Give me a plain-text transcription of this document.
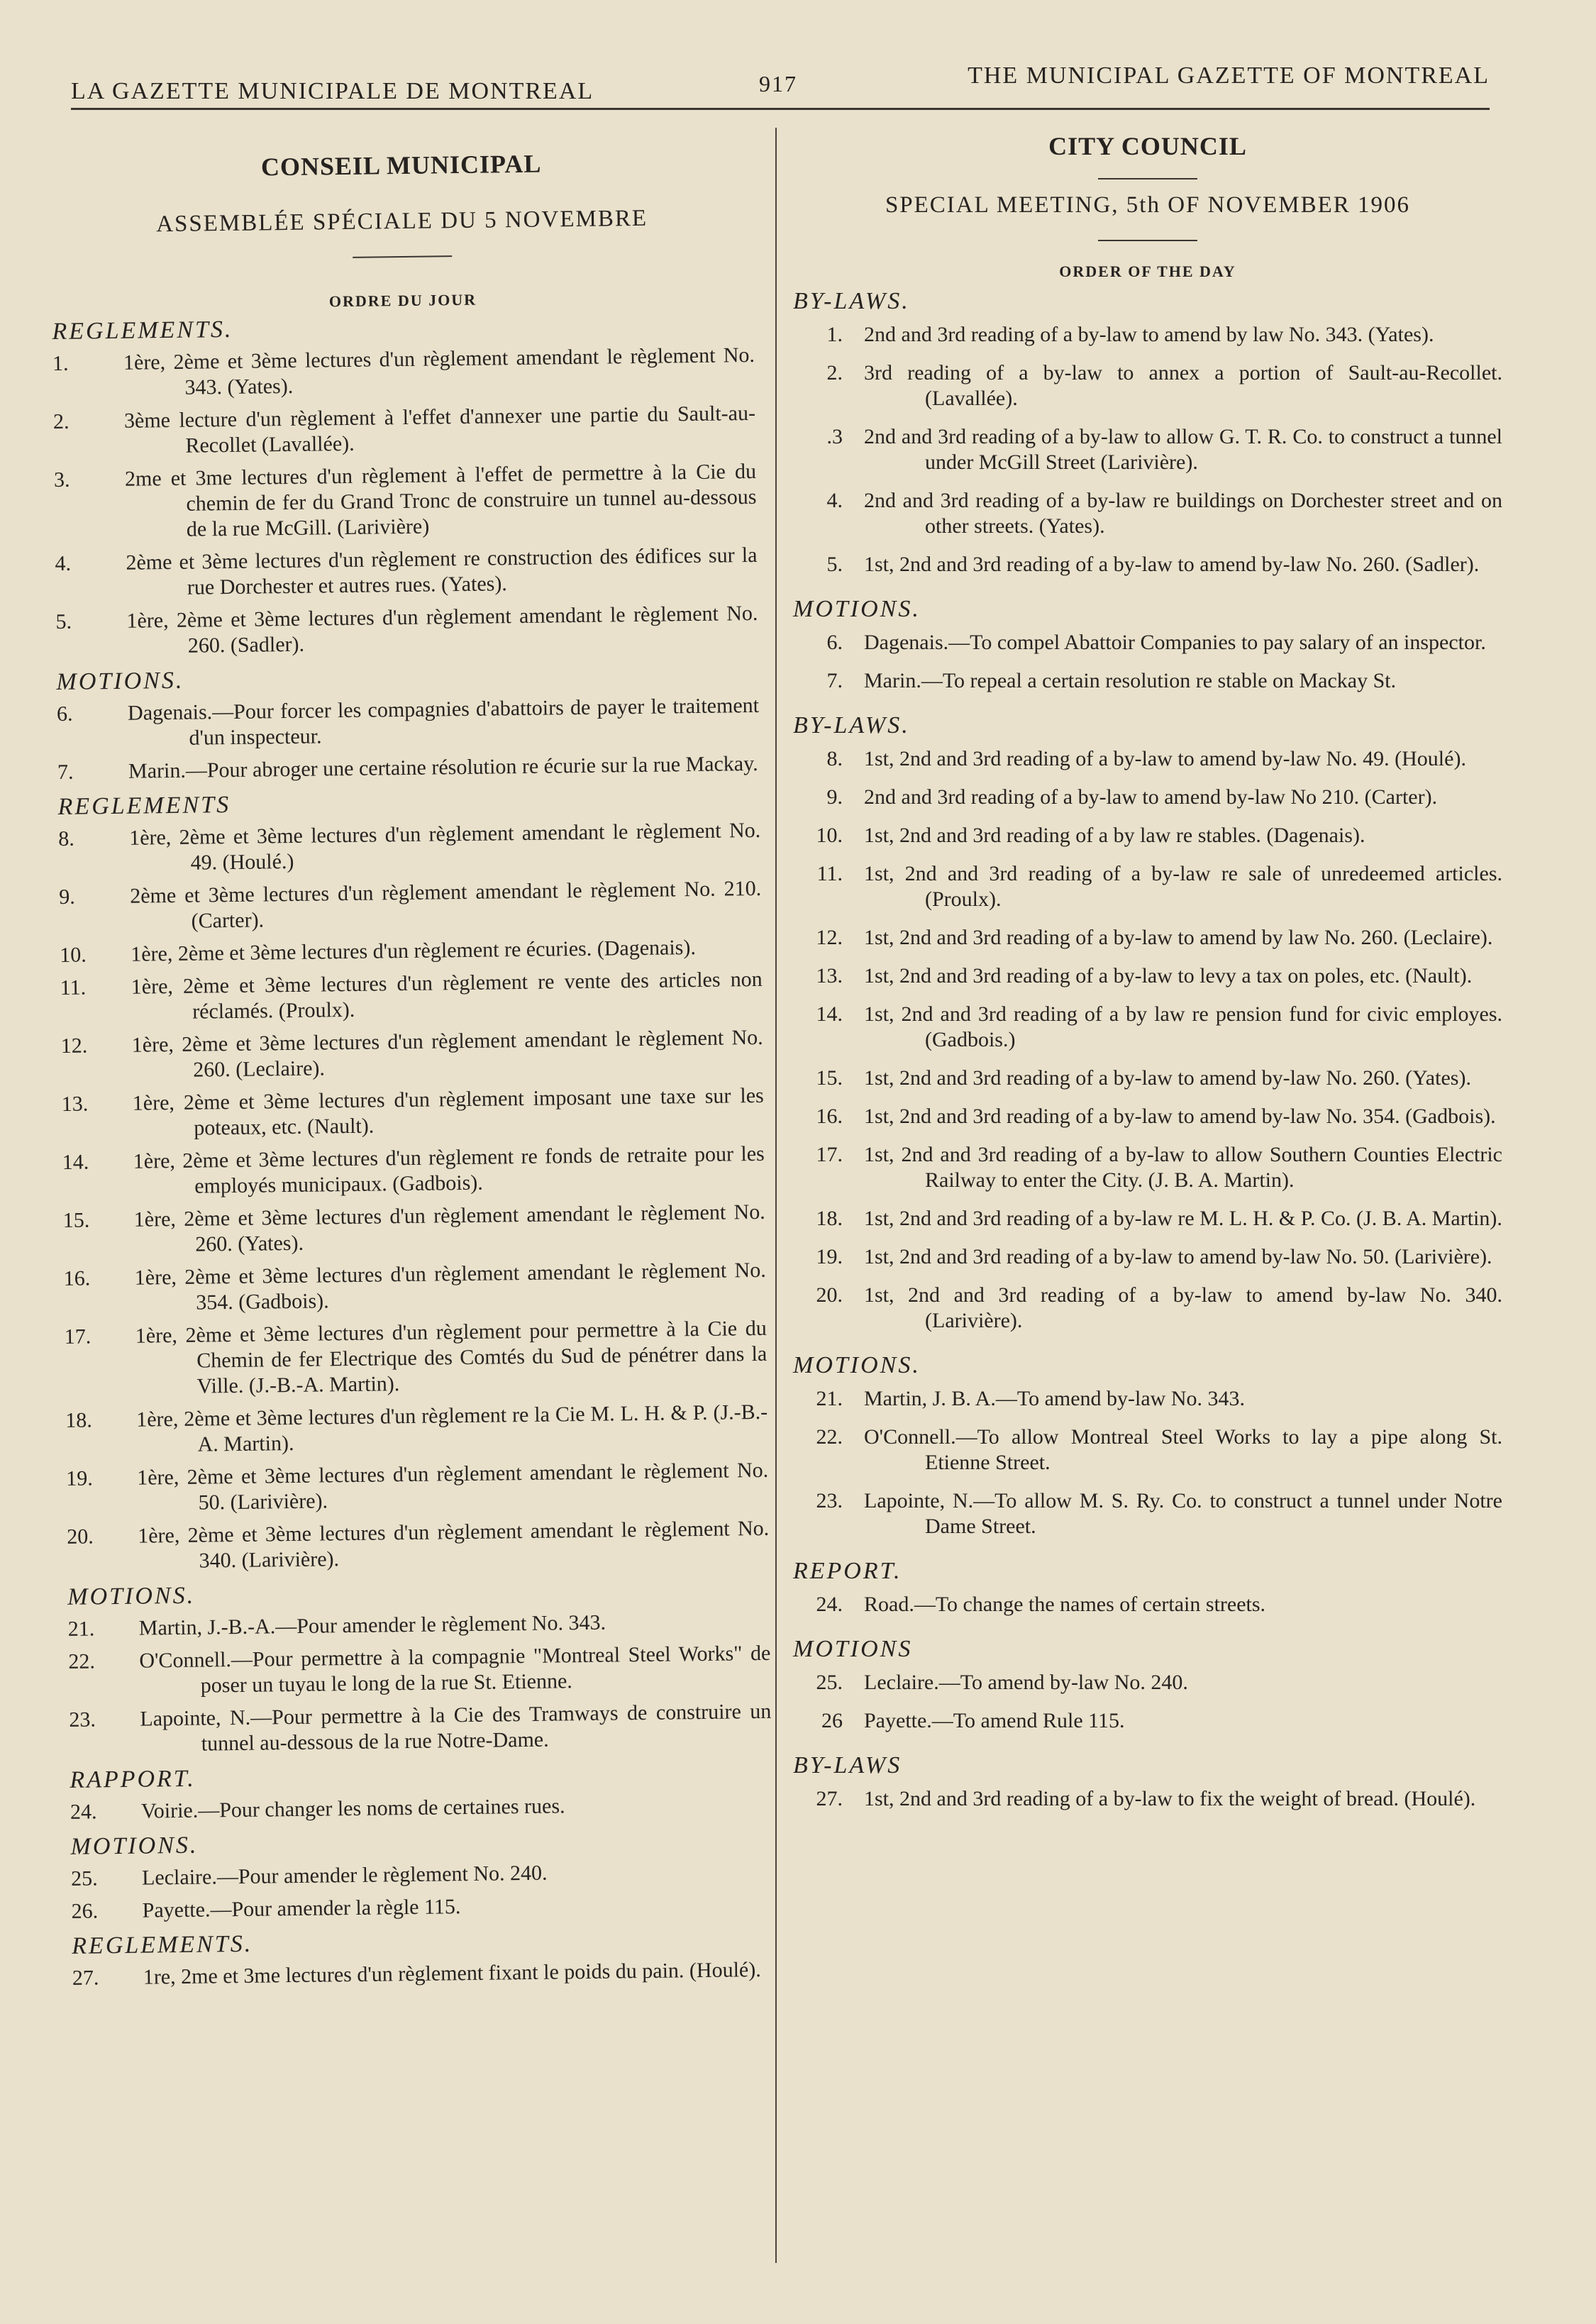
LA GAZETTE MUNICIPALE DE MONTREAL	917	THE MUNICIPAL GAZETTE OF MONTREAL
CONSEIL MUNICIPAL
ASSEMBLÉE SPÉCIALE DU 5 NOVEMBRE
ORDRE DU JOUR
REGLEMENTS.
1.	1ère, 2ème et 3ème lectures d'un règlement amendant le règlement No. 343. (Yates).
2.	3ème lecture d'un règlement à l'effet d'annexer une partie du Sault-au-Recollet (Lavallée).
3.	2me et 3me lectures d'un règlement à l'effet de permettre à la Cie du chemin de fer du Grand Tronc de construire un tunnel au-dessous de la rue McGill. (Larivière)
4.	2ème et 3ème lectures d'un règlement re construction des édifices sur la rue Dorchester et autres rues. (Yates).
5.	1ère, 2ème et 3ème lectures d'un règlement amendant le règlement No. 260. (Sadler).
MOTIONS.
6.	Dagenais.—Pour forcer les compagnies d'abattoirs de payer le traitement d'un inspecteur.
7.	Marin.—Pour abroger une certaine résolution re écurie sur la rue Mackay.
REGLEMENTS
8.	1ère, 2ème et 3ème lectures d'un règlement amendant le règlement No. 49. (Houlé.)
9.	2ème et 3ème lectures d'un règlement amendant le règlement No. 210. (Carter).
10.	1ère, 2ème et 3ème lectures d'un règlement re écuries. (Dagenais).
11.	1ère, 2ème et 3ème lectures d'un règlement re vente des articles non réclamés. (Proulx).
12.	1ère, 2ème et 3ème lectures d'un règlement amendant le règlement No. 260. (Leclaire).
13.	1ère, 2ème et 3ème lectures d'un règlement imposant une taxe sur les poteaux, etc. (Nault).
14.	1ère, 2ème et 3ème lectures d'un règlement re fonds de retraite pour les employés municipaux. (Gadbois).
15.	1ère, 2ème et 3ème lectures d'un règlement amendant le règlement No. 260. (Yates).
16.	1ère, 2ème et 3ème lectures d'un règlement amendant le règlement No. 354. (Gadbois).
17.	1ère, 2ème et 3ème lectures d'un règlement pour permettre à la Cie du Chemin de fer Electrique des Comtés du Sud de pénétrer dans la Ville. (J.-B.-A. Martin).
18.	1ère, 2ème et 3ème lectures d'un règlement re la Cie M. L. H. & P. (J.-B.-A. Martin).
19.	1ère, 2ème et 3ème lectures d'un règlement amendant le règlement No. 50. (Larivière).
20.	1ère, 2ème et 3ème lectures d'un règlement amendant le règlement No. 340. (Larivière).
MOTIONS.
21.	Martin, J.-B.-A.—Pour amender le règlement No. 343.
22.	O'Connell.—Pour permettre à la compagnie "Montreal Steel Works" de poser un tuyau le long de la rue St. Etienne.
23.	Lapointe, N.—Pour permettre à la Cie des Tramways de construire un tunnel au-dessous de la rue Notre-Dame.
RAPPORT.
24.	Voirie.—Pour changer les noms de certaines rues.
MOTIONS.
25.	Leclaire.—Pour amender le règlement No. 240.
26.	Payette.—Pour amender la règle 115.
REGLEMENTS.
27.	1re, 2me et 3me lectures d'un règlement fixant le poids du pain. (Houlé).
CITY COUNCIL
SPECIAL MEETING, 5th OF NOVEMBER 1906
ORDER OF THE DAY
BY-LAWS.
1. 2nd and 3rd reading of a by-law to amend by law No. 343. (Yates).
2. 3rd reading of a by-law to annex a portion of Sault-au-Recollet. (Lavallée).
.3 2nd and 3rd reading of a by-law to allow G. T. R. Co. to construct a tunnel under McGill Street (Larivière).
4. 2nd and 3rd reading of a by-law re buildings on Dorchester street and on other streets. (Yates).
5. 1st, 2nd and 3rd reading of a by-law to amend by-law No. 260. (Sadler).
MOTIONS.
6. Dagenais.—To compel Abattoir Companies to pay salary of an inspector.
7. Marin.—To repeal a certain resolution re stable on Mackay St.
BY-LAWS.
8. 1st, 2nd and 3rd reading of a by-law to amend by-law No. 49. (Houlé).
9. 2nd and 3rd reading of a by-law to amend by-law No 210. (Carter).
10. 1st, 2nd and 3rd reading of a by law re stables. (Dagenais).
11. 1st, 2nd and 3rd reading of a by-law re sale of unredeemed articles. (Proulx).
12. 1st, 2nd and 3rd reading of a by-law to amend by law No. 260. (Leclaire).
13. 1st, 2nd and 3rd reading of a by-law to levy a tax on poles, etc. (Nault).
14. 1st, 2nd and 3rd reading of a by law re pension fund for civic employes. (Gadbois.)
15. 1st, 2nd and 3rd reading of a by-law to amend by-law No. 260. (Yates).
16. 1st, 2nd and 3rd reading of a by-law to amend by-law No. 354. (Gadbois).
17. 1st, 2nd and 3rd reading of a by-law to allow Southern Counties Electric Railway to enter the City. (J. B. A. Martin).
18. 1st, 2nd and 3rd reading of a by-law re M. L. H. & P. Co. (J. B. A. Martin).
19. 1st, 2nd and 3rd reading of a by-law to amend by-law No. 50. (Larivière).
20. 1st, 2nd and 3rd reading of a by-law to amend by-law No. 340. (Larivière).
MOTIONS.
21. Martin, J. B. A.—To amend by-law No. 343.
22. O'Connell.—To allow Montreal Steel Works to lay a pipe along St. Etienne Street.
23. Lapointe, N.—To allow M. S. Ry. Co. to construct a tunnel under Notre Dame Street.
REPORT.
24. Road.—To change the names of certain streets.
MOTIONS
25. Leclaire.—To amend by-law No. 240.
26 Payette.—To amend Rule 115.
BY-LAWS
27. 1st, 2nd and 3rd reading of a by-law to fix the weight of bread. (Houlé).
